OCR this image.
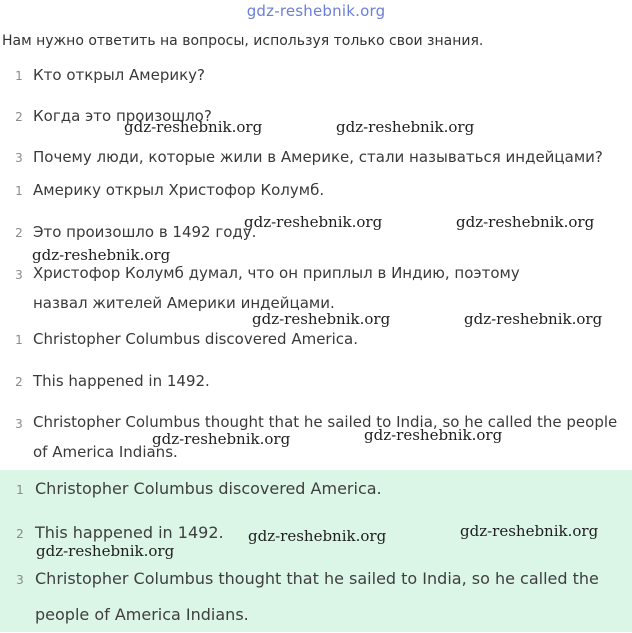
gdz-reshebnik.org
Нам нужно ответить на вопросы, используя только свои знания.
1 Кто открыл Америку?
2 Когда это произошло?
3 Почему люди, которые жили в Америке, стали называться индейцами?
1 Америку открыл Христофор Колумб.
2 Это произошло в 1492 году.
3 Христофор Колумб думал, что он приплыл в Индию, поэтому назвал жителей Америки индейцами.
1 Christopher Columbus discovered America.
2 This happened in 1492.
3 Christopher Columbus thought that he sailed to India, so he called the people of America Indians.
1 Christopher Columbus discovered America.
2 This happened in 1492.
3 Christopher Columbus thought that he sailed to India, so he called the people of America Indians.
gdz-reshebnik.org	gdz-reshebnik.org
gdz-reshebnik.org	gdz-reshebnik.org
gdz-reshebnik.org
gdz-reshebnik.org	gdz-reshebnik.org
gdz-reshebnik.org	gdz-reshebnik.org
gdz-reshebnik.org	gdz-reshebnik.org
gdz-reshebnik.org
